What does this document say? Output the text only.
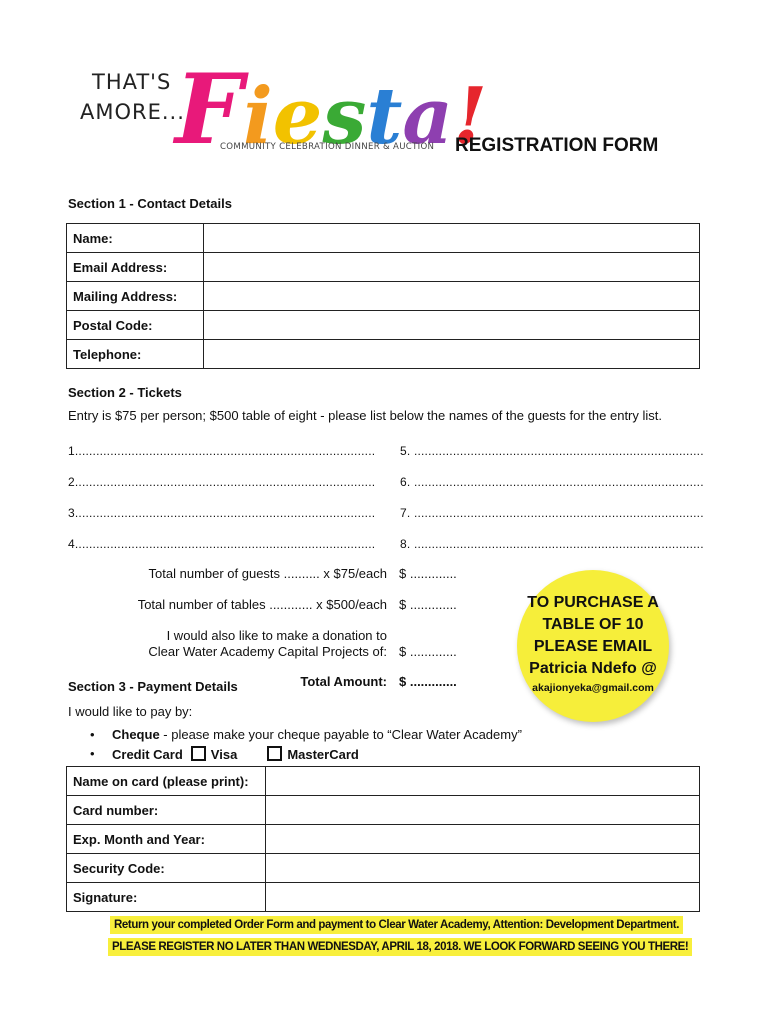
THAT'S
AMORE...
Fiesta!
COMMUNITY CELEBRATION DINNER & AUCTION REGISTRATION FORM
Section 1 - Contact Details
Name:	
Email Address:	
Mailing Address:	
Postal Code:	
Telephone:	
Section 2 - Tickets
Entry is $75 per person; $500 table of eight - please list below the names of the guests for the entry list.
1.....................................................................................
2.....................................................................................
3.....................................................................................
4.....................................................................................
5. ..................................................................................
6. ..................................................................................
7. ..................................................................................
8. ..................................................................................
Total number of guests .......... x $75/each $ .............
Total number of tables ............ x $500/each $ .............
I would also like to make a donation to
Clear Water Academy Capital Projects of: $ .............
Total Amount: $ .............
TO PURCHASE A
TABLE OF 10
PLEASE EMAIL
Patricia Ndefo @
akajionyeka@gmail.com
Section 3 - Payment Details
I would like to pay by:
• Cheque - please make your cheque payable to “Clear Water Academy”
• Credit Card Visa	MasterCard
Name on card (please print):	
Card number:	
Exp. Month and Year:	
Security Code:	
Signature:	
Return your completed Order Form and payment to Clear Water Academy, Attention: Development Department.
PLEASE REGISTER NO LATER THAN WEDNESDAY, APRIL 18, 2018. WE LOOK FORWARD SEEING YOU THERE!
